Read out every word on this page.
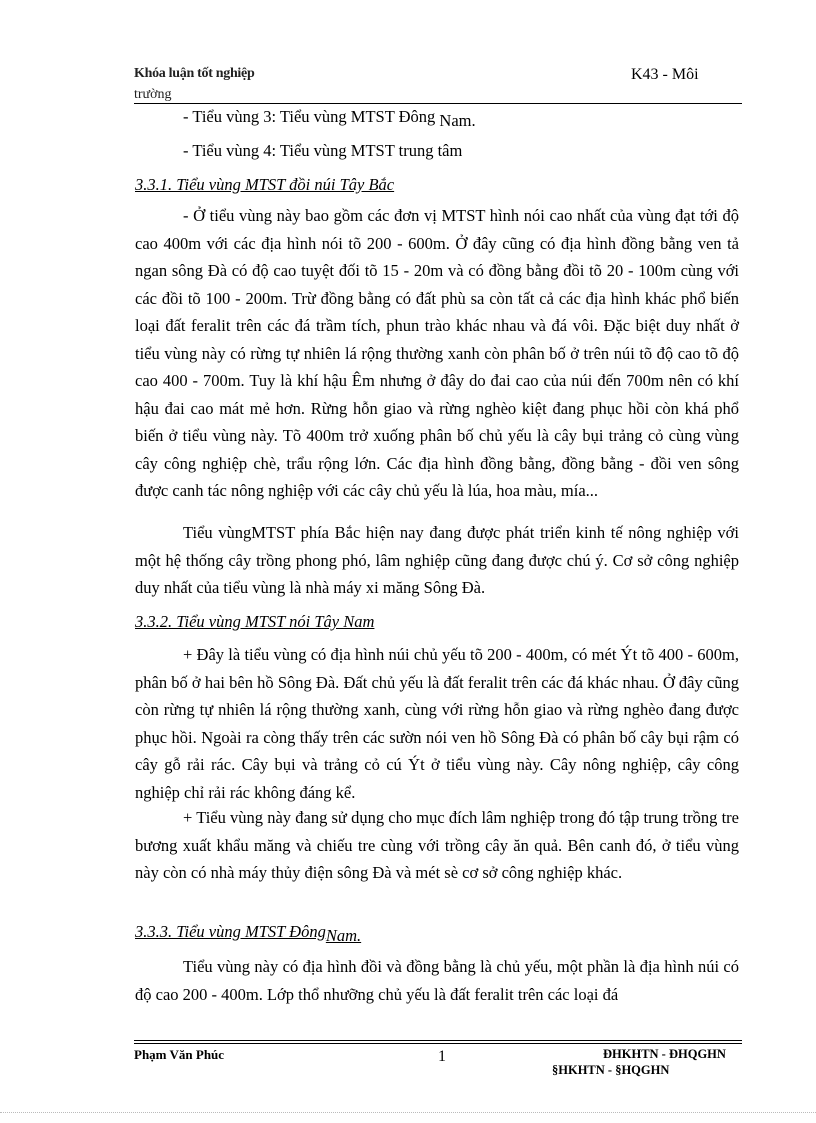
Khóa luận tốt nghiệp
trường
K43 - Môi
- Tiểu vùng 3: Tiểu vùng MTST Đông Nam.
- Tiểu vùng 4: Tiểu vùng MTST trung tâm
3.3.1. Tiểu vùng MTST đồi núi Tây Bắc
- Ở tiểu vùng này bao gồm các đơn vị MTST hình nói cao nhất của vùng đạt tới độ cao 400m với các địa hình nói tõ 200 - 600m. Ở đây cũng có địa hình đồng bằng ven tả ngan sông Đà có độ cao tuyệt đối tõ 15 - 20m và có đồng bằng đồi tõ 20 - 100m cùng với các đồi tõ 100 - 200m. Trừ đồng bằng có đất phù sa còn tất cả các địa hình khác phổ biến loại đất feralit trên các đá trầm tích, phun trào khác nhau và đá vôi. Đặc biệt duy nhất ở tiểu vùng này có rừng tự nhiên lá rộng thường xanh còn phân bố ở trên núi tõ độ cao tõ độ cao 400 - 700m. Tuy là khí hậu Êm nhưng ở đây do đai cao của núi đến 700m nên có khí hậu đai cao mát mẻ hơn. Rừng hỗn giao và rừng nghèo kiệt đang phục hồi còn khá phổ biến ở tiểu vùng này. Tõ 400m trở xuống phân bố chủ yếu là cây bụi trảng cỏ cùng vùng cây công nghiệp chè, trẩu rộng lớn. Các địa hình đồng bằng, đồng bằng - đồi ven sông được canh tác nông nghiệp với các cây chủ yếu là lúa, hoa màu, mía...
Tiểu vùngMTST phía Bắc hiện nay đang được phát triển kinh tế nông nghiệp với một hệ thống cây trồng phong phó, lâm nghiệp cũng đang được chú ý. Cơ sở công nghiệp duy nhất của tiểu vùng là nhà máy xi măng Sông Đà.
3.3.2. Tiểu vùng MTST nói Tây Nam
+ Đây là tiểu vùng có địa hình núi chủ yếu tõ 200 - 400m, có mét Ýt tõ 400 - 600m, phân bố ở hai bên hồ Sông Đà. Đất chủ yếu là đất feralit trên các đá khác nhau. Ở đây cũng còn rừng tự nhiên lá rộng thường xanh, cùng với rừng hỗn giao và rừng nghèo đang được phục hồi. Ngoài ra còng thấy trên các sườn nói ven hồ Sông Đà có phân bố cây bụi rậm có cây gỗ rải rác. Cây bụi và trảng cỏ cú Ýt ở tiểu vùng này. Cây nông nghiệp, cây công nghiệp chỉ rải rác không đáng kể.
+ Tiểu vùng này đang sử dụng cho mục đích lâm nghiệp trong đó tập trung trồng tre bương xuất khẩu măng và chiếu tre cùng với trồng cây ăn quả. Bên canh đó, ở tiểu vùng này còn có nhà máy thủy điện sông Đà và mét sè cơ sở công nghiệp khác.
3.3.3. Tiểu vùng MTST ĐôngNam.
Tiểu vùng này có địa hình đồi và đồng bằng là chủ yếu, một phần là địa hình núi có độ cao 200 - 400m. Lớp thổ nhưỡng chủ yếu là đất feralit trên các loại đá
Phạm Văn Phúc	1	ĐHKHTN - ĐHQGHN
§HKHTN - §HQGHN
